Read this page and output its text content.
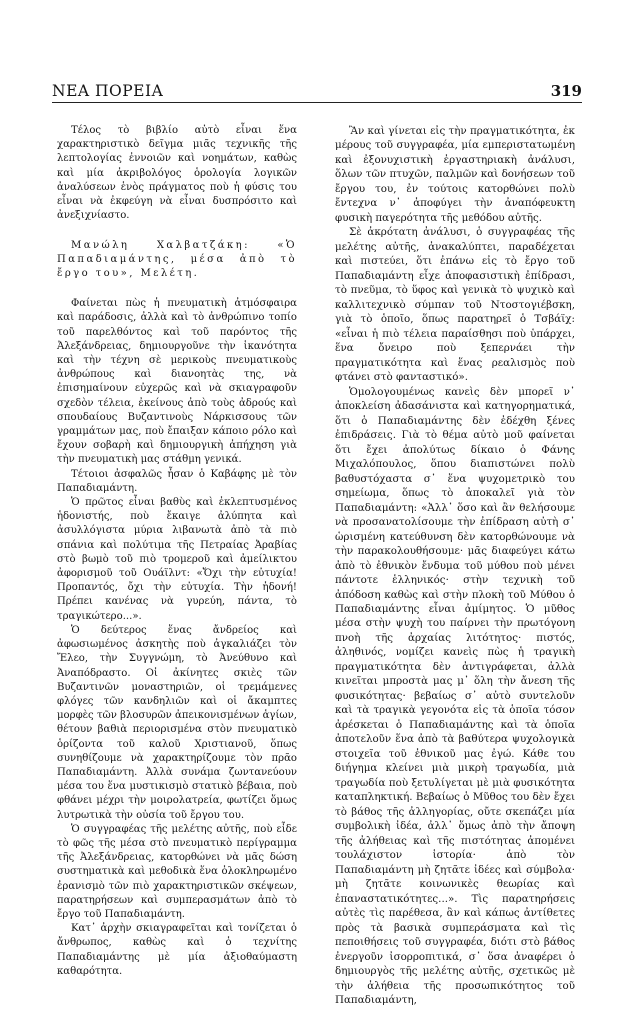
ΝΕΑ ΠΟΡΕΙΑ	319

Τέλος τὸ βιβλίο αὐτὸ εἶναι ἕνα χαρακτηριστικὸ δεῖγμα μιᾶς τεχνικῆς τῆς λεπτολογίας ἐννοιῶν καὶ νοημάτων, καθὼς καὶ μία ἀκριβολόγος ὁρολογία λογικῶν ἀναλύσεων ἑνὸς πράγματος ποὺ ἡ φύσις του εἶναι νὰ ἐκφεύγη νὰ εἶναι δυσπρόσιτο καὶ ἀνεξιχνίαστο.

Μανώλη Χαλβατζάκη: «Ὁ Παπαδιαμάντης, μέσα ἀπὸ τὸ ἔργο του», Μελέτη.

Φαίνεται πὼς ἡ πνευματικὴ ἀτμόσφαιρα καὶ παράδοσις, ἀλλὰ καὶ τὸ ἀνθρώπινο τοπίο τοῦ παρελθόντος καὶ τοῦ παρόντος τῆς Ἀλεξάνδρειας, δημιουργοῦνε τὴν ἱκανότητα καὶ τὴν τέχνη σὲ μερικοὺς πνευματικοὺς ἀνθρώπους καὶ διανοητὰς της, νὰ ἐπισημαίνουν εὐχερῶς καὶ νὰ σκιαγραφοῦν σχεδὸν τέλεια, ἐκείνους ἀπὸ τοὺς ἀδρούς καὶ σπουδαίους Βυζαντινοὺς Νάρκισσους τῶν γραμμάτων μας, ποὺ ἔπαιξαν κάποιο ρόλο καὶ ἔχουν σοβαρὴ καὶ δημιουργικὴ ἀπήχηση γιὰ τὴν πνευματικὴ μας στάθμη γενικά.

Τέτοιοι ἀσφαλῶς ἦσαν ὁ Καβάφης μὲ τὸν Παπαδιαμάντη.

Ὁ πρῶτος εἶναι βαθὺς καὶ ἐκλεπτυσμένος ἡδονιστής, ποὺ ἔκαιγε ἀλύπητα καὶ ἀσυλλόγιστα μύρια λιβανωτὰ ἀπὸ τὰ πιὸ σπάνια καὶ πολύτιμα τῆς Πετραίας Ἀραβίας στὸ βωμὸ τοῦ πιὸ τρομεροῦ καὶ ἀμείλικτου ἀφορισμοῦ τοῦ Ουάϊλντ: «Ὄχι τὴν εὐτυχία! Προπαντός, ὄχι τὴν εὐτυχία. Τὴν ἡδονή! Πρέπει κανένας νὰ γυρεύη, πάντα, τὸ τραγικώτερο...».

Ὁ δεύτερος ἕνας ἄνδρείος καὶ ἀφωσιωμένος ἀσκητὴς ποὺ ἀγκαλιάζει τὸν Ἔλεο, τὴν Συγγνώμη, τὸ Ἀνεύθυνο καὶ Ἀναπόδραστο. Οἱ ἀκίνητες σκιὲς τῶν Βυζαντινῶν μοναστηριῶν, οἱ τρεμάμενες φλόγες τῶν κανδηλιῶν καὶ οἱ ἄκαμπτες μορφὲς τῶν βλοσυρῶν ἀπεικονισμένων ἁγίων, θέτουν βαθιὰ περιορισμένα στὸν πνευματικὸ ὁρίζοντα τοῦ καλοῦ Χριστιανοῦ, ὅπως συνηθίζουμε νὰ χαρακτηρίζουμε τὸν πρᾶο Παπαδιαμάντη. Ἀλλὰ συνάμα ζωντανεύουν μέσα του ἕνα μυστικισμὸ στατικὸ βέβαια, ποὺ φθάνει μέχρι τὴν μοιρολατρεία, φωτίζει ὅμως λυτρωτικὰ τὴν οὐσία τοῦ ἔργου του.

Ὁ συγγραφέας τῆς μελέτης αὐτῆς, ποὺ εἶδε τὸ φῶς τῆς μέσα στὸ πνευματικὸ περίγραμμα τῆς Ἀλεξάνδρειας, κατορθώνει νὰ μᾶς δώση συστηματικὰ καὶ μεθοδικὰ ἕνα ὁλοκληρωμένο ἐρανισμὸ τῶν πιὸ χαρακτηριστικῶν σκέψεων, παρατηρήσεων καὶ συμπερασμάτων ἀπὸ τὸ ἔργο τοῦ Παπαδιαμάντη.

Κατ᾽ ἀρχὴν σκιαγραφεῖται καὶ τονίζεται ὁ ἄνθρωπος, καθὼς καὶ ὁ τεχνίτης Παπαδιαμάντης μὲ μία ἀξιοθαύμαστη καθαρότητα.

Ἂν καὶ γίνεται εἰς τὴν πραγματικότητα, ἐκ μέρους τοῦ συγγραφέα, μία εμπεριστατωμένη καὶ ἐξονυχιστικὴ ἐργαστηριακὴ ἀνάλυσι, ὅλων τῶν πτυχῶν, παλμῶν καὶ δονήσεων τοῦ ἔργου του, ἐν τούτοις κατορθώνει πολὺ ἔντεχνα ν᾽ ἀποφύγει τὴν ἀναπόφευκτη φυσικὴ παγερότητα τῆς μεθόδου αὐτῆς.

Σὲ ἀκρότατη ἀνάλυσι, ὁ συγγραφέας τῆς μελέτης αὐτῆς, ἀνακαλύπτει, παραδέχεται καὶ πιστεύει, ὅτι ἐπάνω εἰς τὸ ἔργο τοῦ Παπαδιαμάντη εἶχε ἀποφασιστικὴ ἐπίδρασι, τὸ πνεῦμα, τὸ ὕφος καὶ γενικὰ τὸ ψυχικὸ καὶ καλλιτεχνικὸ σύμπαν τοῦ Ντοστογιέβσκη, γιὰ τὸ ὁποῖο, ὅπως παρατηρεῖ ὁ Τσβάϊχ: «εἶναι ἡ πιὸ τέλεια παραίσθησι ποὺ ὑπάρχει, ἕνα ὄνειρο ποὺ ξεπερνάει τὴν πραγματικότητα καὶ ἕνας ρεαλισμὸς ποὺ φτάνει στὸ φανταστικό».

Ὁμολογουμένως κανεὶς δὲν μπορεῖ ν᾽ ἀποκλείση ἀδασάνιστα καὶ κατηγορηματικά, ὅτι ὁ Παπαδιαμάντης δὲν ἐδέχθη ξένες ἐπιδράσεις. Γιὰ τὸ θέμα αὐτὸ μοῦ φαίνεται ὅτι ἔχει ἀπολύτως δίκαιο ὁ Φάνης Μιχαλόπουλος, ὅπου διαπιστώνει πολὺ βαθυστόχαστα σ᾽ ἕνα ψυχομετρικὸ του σημείωμα, ὅπως τὸ ἀποκαλεῖ γιὰ τὸν Παπαδιαμάντη: «Ἀλλ᾽ ὅσο καὶ ἂν θελήσουμε νὰ προσανατολίσουμε τὴν ἐπίδραση αὐτὴ σ᾽ ὡρισμένη κατεύθυνση δὲν κατορθώνουμε νὰ τὴν παρακολουθήσουμε· μᾶς διαφεύγει κάτω ἀπὸ τὸ ἐθνικὸν ἔνδυμα τοῦ μύθου ποὺ μένει πάντοτε ἑλληνικός· στὴν τεχνικὴ τοῦ ἀπόδοση καθὼς καὶ στὴν πλοκὴ τοῦ Μύθου ὁ Παπαδιαμάντης εἶναι ἀμίμητος. Ὁ μῦθος μέσα στὴν ψυχὴ του παίρνει τὴν πρωτόγονη πνοὴ τῆς ἀρχαίας λιτότητος· πιστός, ἀληθινός, νομίζει κανεὶς πὼς ἡ τραγικὴ πραγματικότητα δὲν ἀντιγράφεται, ἀλλὰ κινεῖται μπροστὰ μας μ᾽ ὅλη τὴν ἄνεση τῆς φυσικότητας· βεβαίως σ᾽ αὐτὸ συντελοῦν καὶ τὰ τραγικὰ γεγονότα εἰς τὰ ὁποῖα τόσον ἀρέσκεται ὁ Παπαδιαμάντης καὶ τὰ ὁποῖα ἀποτελοῦν ἕνα ἀπὸ τὰ βαθύτερα ψυχολογικὰ στοιχεῖα τοῦ ἐθνικοῦ μας ἐγώ. Κάθε του διήγημα κλείνει μιὰ μικρὴ τραγωδία, μιὰ τραγωδία ποὺ ξετυλίγεται μὲ μιὰ φυσικότητα καταπληκτική. Βεβαίως ὁ Μῦθος του δὲν ἔχει τὸ βάθος τῆς ἀλληγορίας, οὔτε σκεπάζει μία συμβολικὴ ἰδέα, ἀλλ᾽ ὅμως ἀπὸ τὴν ἄποψη τῆς ἀλήθειας καὶ τῆς πιστότητας ἀπομένει τουλάχιστον ἱστορία· ἀπὸ τὸν Παπαδιαμάντη μὴ ζητᾶτε ἰδέες καὶ σύμβολα· μὴ ζητᾶτε κοινωνικὲς θεωρίας καὶ ἐπαναστατικότητες...». Τὶς παρατηρήσεις αὐτὲς τὶς παρέθεσα, ἂν καὶ κάπως ἀντίθετες πρὸς τὰ βασικὰ συμπεράσματα καὶ τὶς πεποιθήσεις τοῦ συγγραφέα, διότι στὸ βάθος ἐνεργοῦν ἰσορροπιτικά, σ᾽ ὅσα ἀναφέρει ὁ δημιουργὸς τῆς μελέτης αὐτῆς, σχετικῶς μὲ τὴν ἀλήθεια τῆς προσωπικότητος τοῦ Παπαδιαμάντη,
